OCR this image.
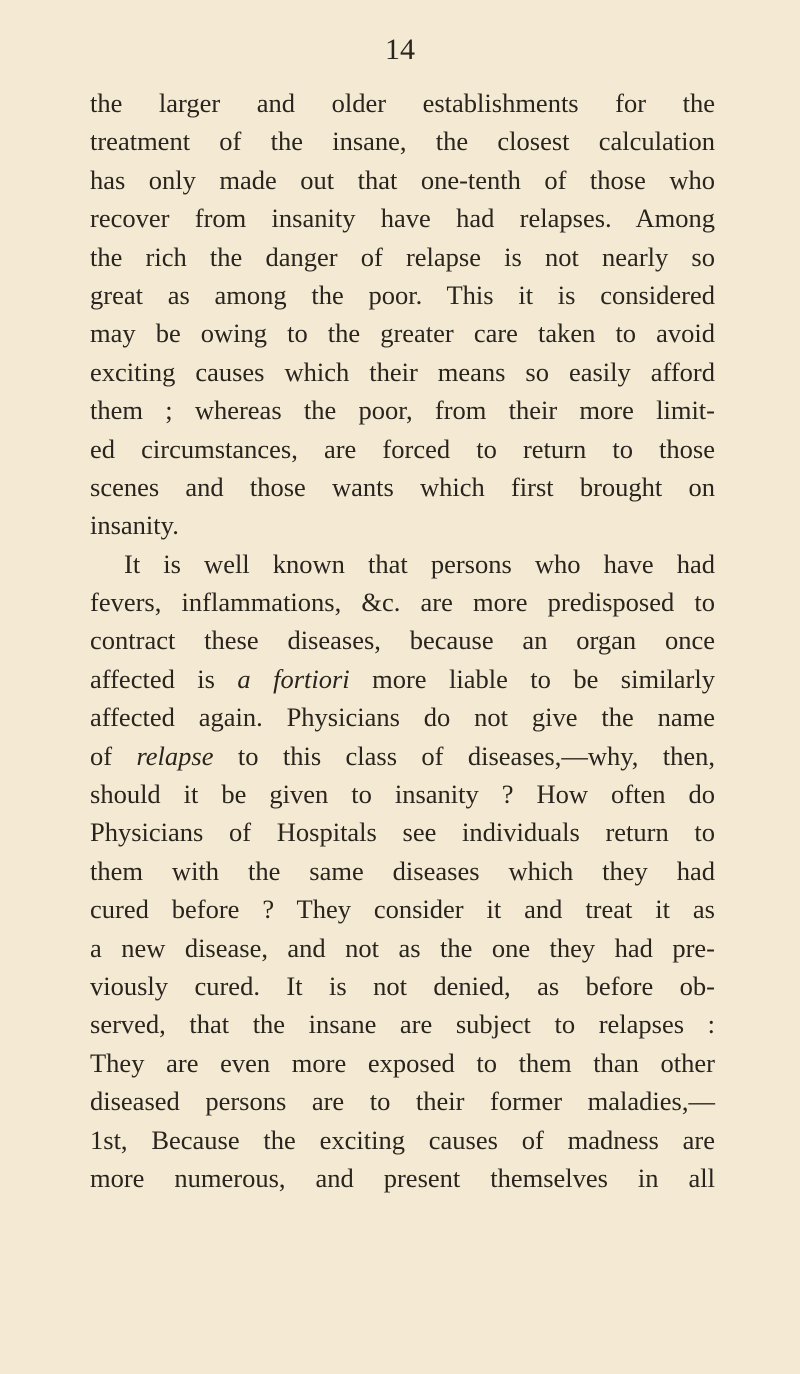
14
the larger and older establishments for the
treatment of the insane, the closest calculation
has only made out that one-tenth of those who
recover from insanity have had relapses. Among
the rich the danger of relapse is not nearly so
great as among the poor. This it is considered
may be owing to the greater care taken to avoid
exciting causes which their means so easily afford
them ; whereas the poor, from their more limit-
ed circumstances, are forced to return to those
scenes and those wants which first brought on
insanity.
It is well known that persons who have had
fevers, inflammations, &c. are more predisposed to
contract these diseases, because an organ once
affected is a fortiori more liable to be similarly
affected again. Physicians do not give the name
of relapse to this class of diseases,—why, then,
should it be given to insanity ? How often do
Physicians of Hospitals see individuals return to
them with the same diseases which they had
cured before ? They consider it and treat it as
a new disease, and not as the one they had pre-
viously cured. It is not denied, as before ob-
served, that the insane are subject to relapses :
They are even more exposed to them than other
diseased persons are to their former maladies,—
1st, Because the exciting causes of madness are
more numerous, and present themselves in all
